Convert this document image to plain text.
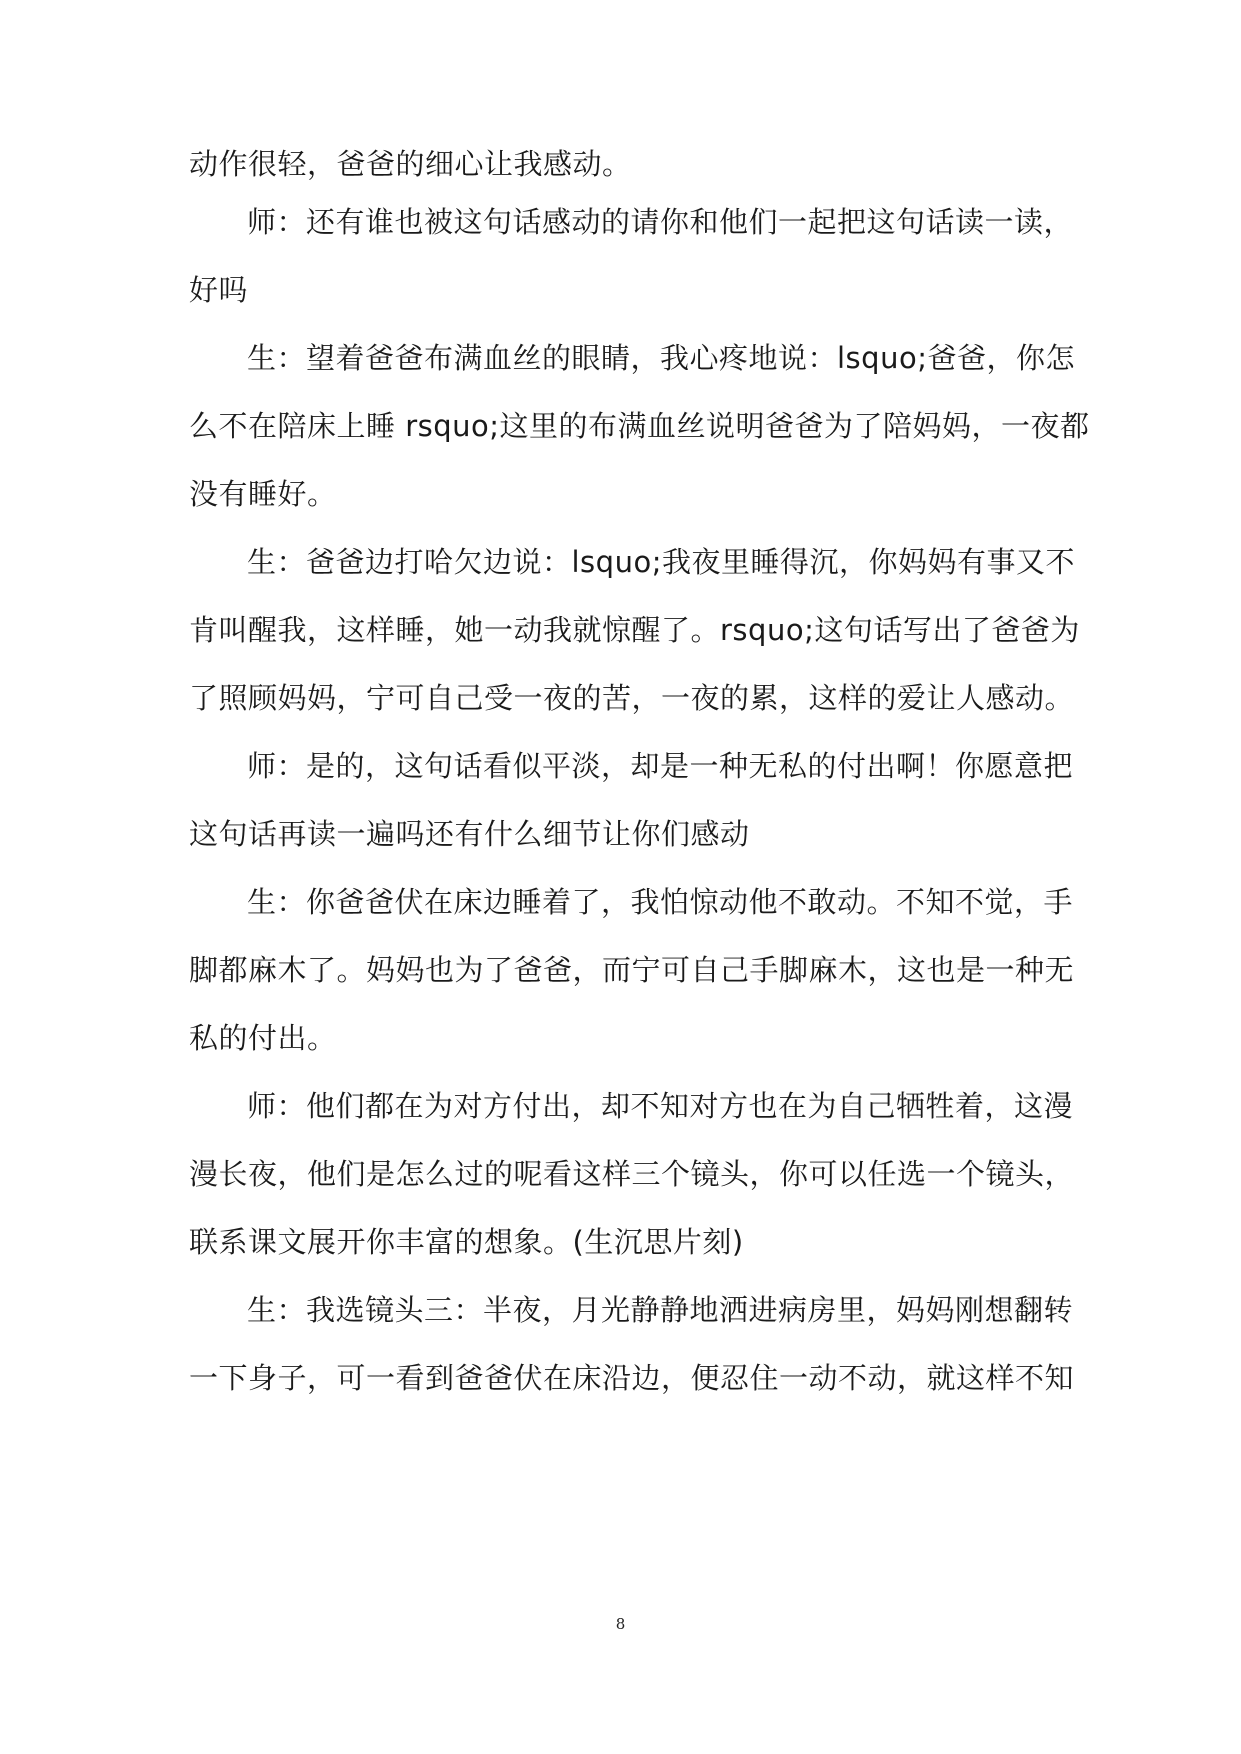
动作很轻，爸爸的细心让我感动。
师：还有谁也被这句话感动的请你和他们一起把这句话读一读，
好吗
生：望着爸爸布满血丝的眼睛，我心疼地说：lsquo;爸爸，你怎
么不在陪床上睡 rsquo;这里的布满血丝说明爸爸为了陪妈妈，一夜都
没有睡好。
生：爸爸边打哈欠边说：lsquo;我夜里睡得沉，你妈妈有事又不
肯叫醒我，这样睡，她一动我就惊醒了。rsquo;这句话写出了爸爸为
了照顾妈妈，宁可自己受一夜的苦，一夜的累，这样的爱让人感动。
师：是的，这句话看似平淡，却是一种无私的付出啊！你愿意把
这句话再读一遍吗还有什么细节让你们感动
生：你爸爸伏在床边睡着了，我怕惊动他不敢动。不知不觉，手
脚都麻木了。妈妈也为了爸爸，而宁可自己手脚麻木，这也是一种无
私的付出。
师：他们都在为对方付出，却不知对方也在为自己牺牲着，这漫
漫长夜，他们是怎么过的呢看这样三个镜头，你可以任选一个镜头，
联系课文展开你丰富的想象。(生沉思片刻)
生：我选镜头三：半夜，月光静静地洒进病房里，妈妈刚想翻转
一下身子，可一看到爸爸伏在床沿边，便忍住一动不动，就这样不知
8
